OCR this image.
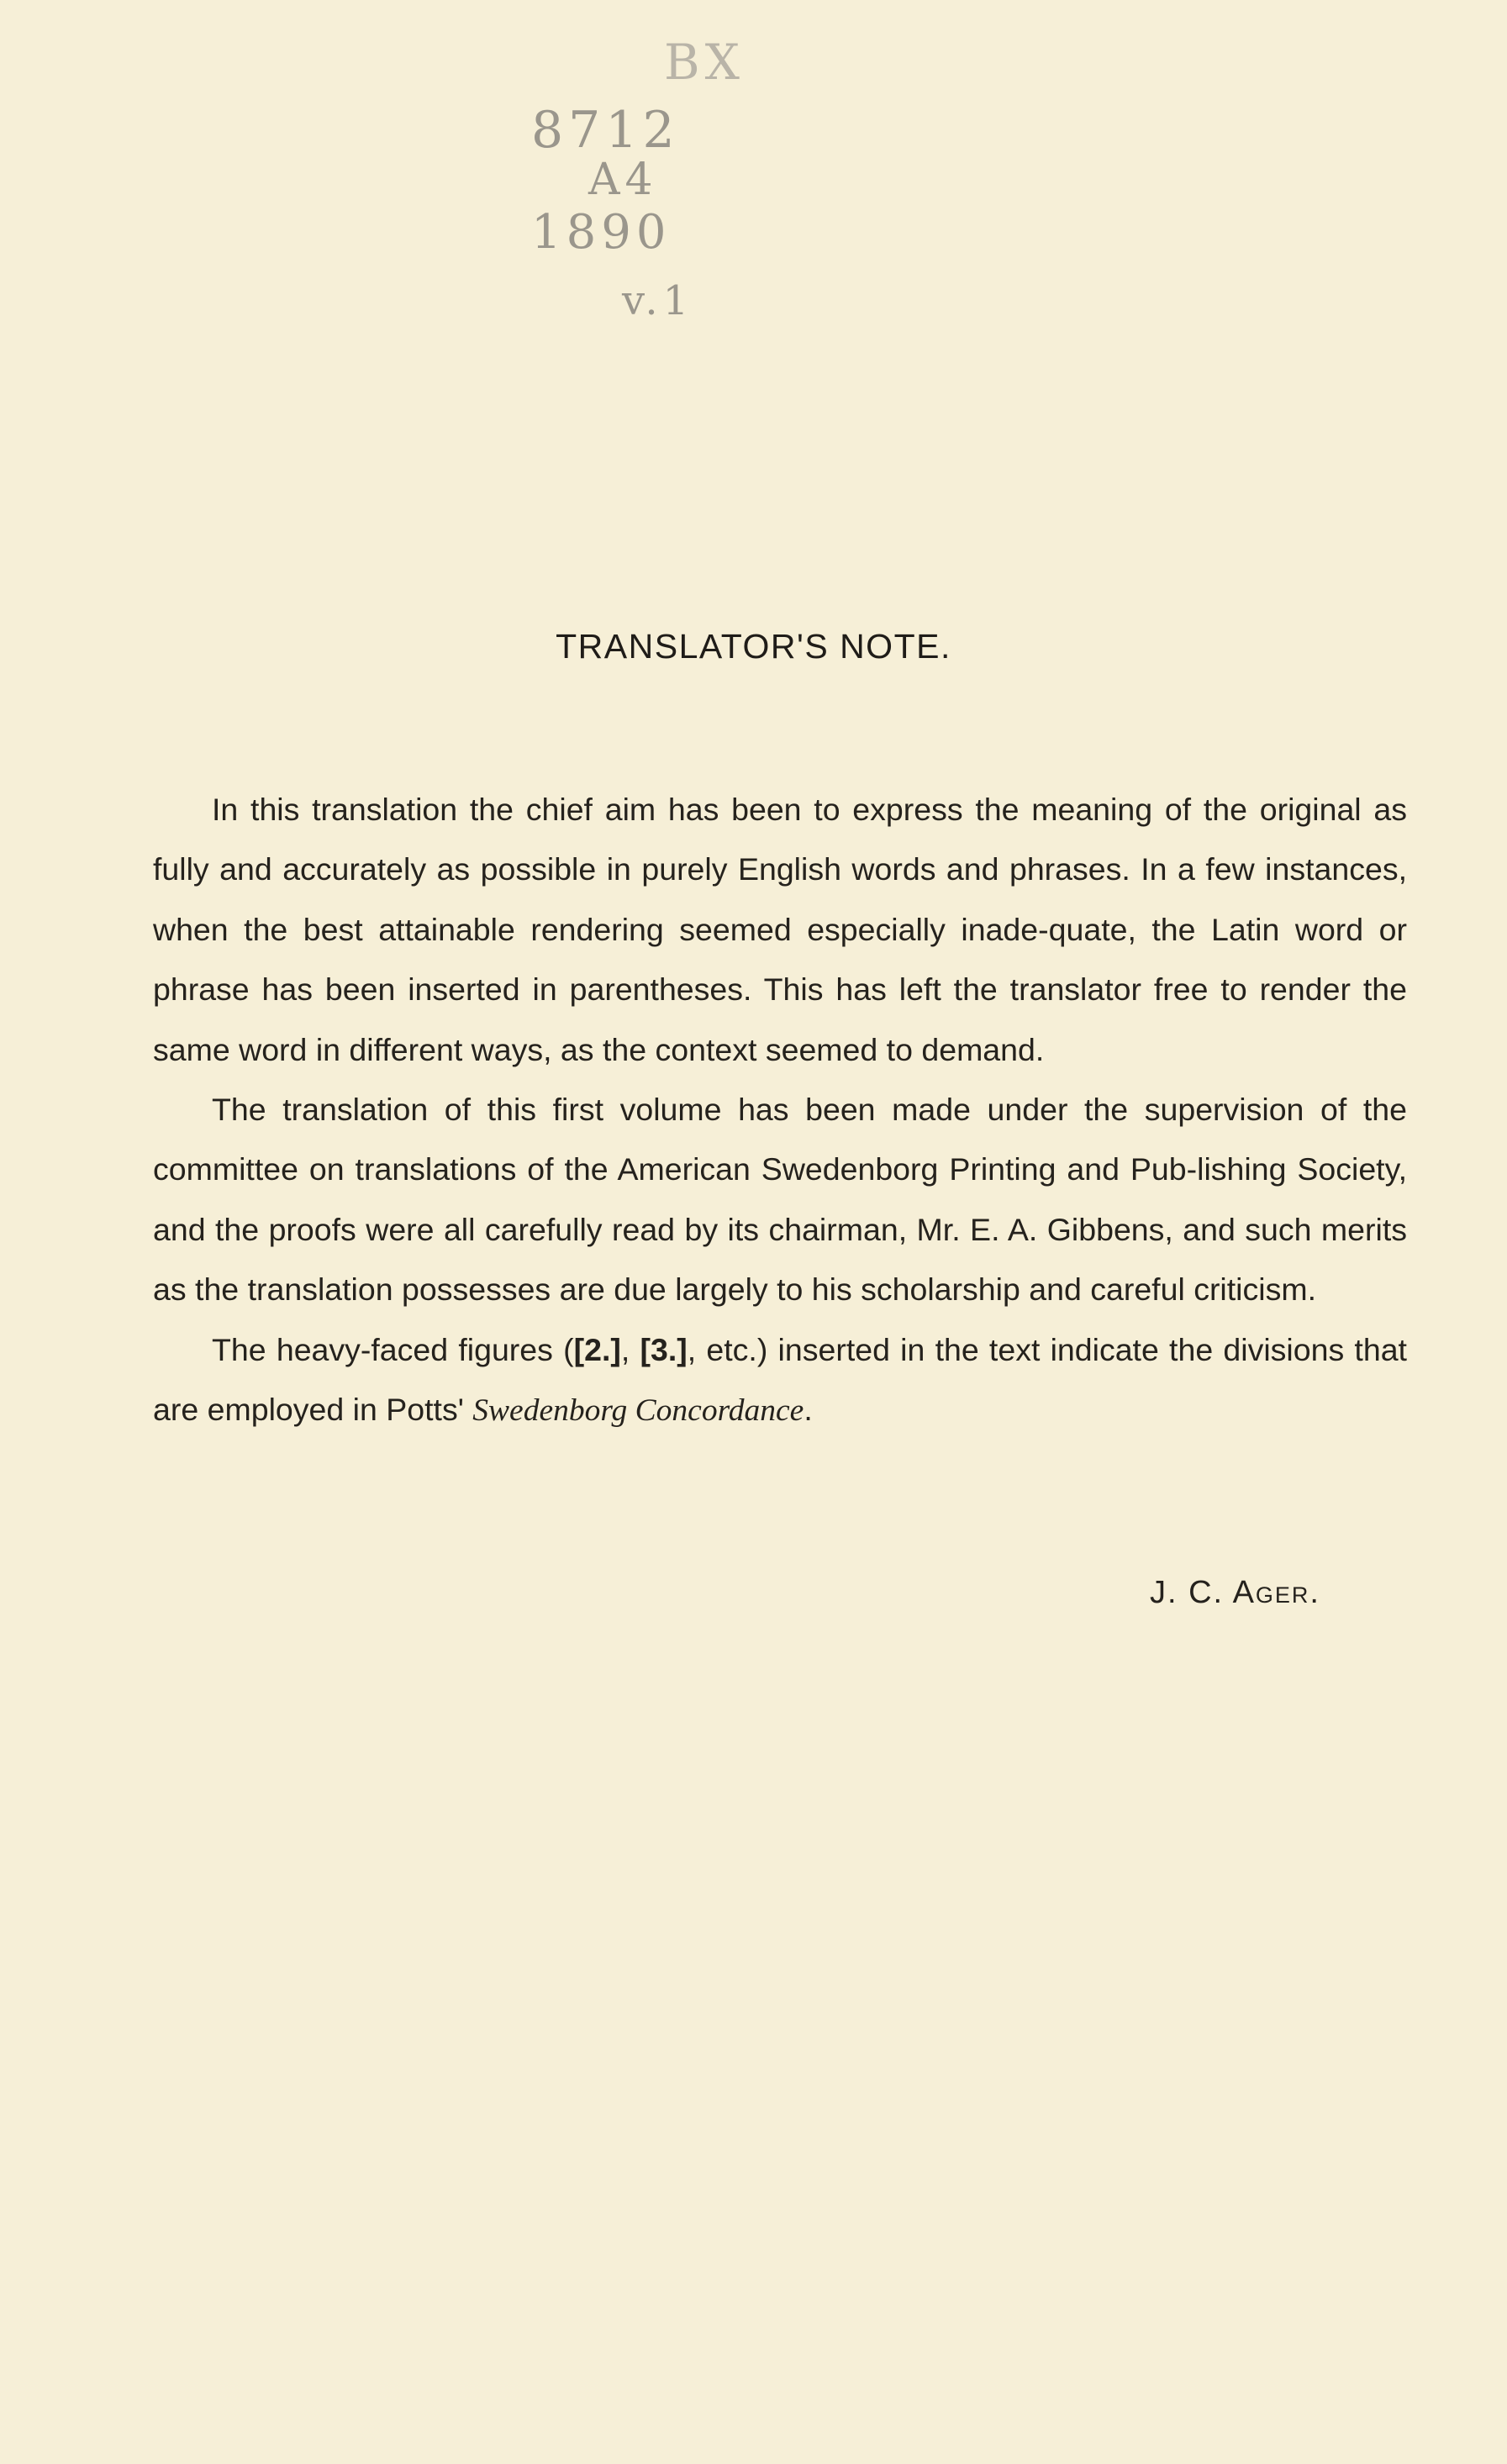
BX
8712
A4
1890
v.1
TRANSLATOR'S NOTE.

In this translation the chief aim has been to express the meaning of the original as fully and accurately as possible in purely English words and phrases. In a few instances, when the best attainable rendering seemed especially inade-quate, the Latin word or phrase has been inserted in parentheses. This has left the translator free to render the same word in different ways, as the context seemed to demand.

The translation of this first volume has been made under the supervision of the committee on translations of the American Swedenborg Printing and Pub-lishing Society, and the proofs were all carefully read by its chairman, Mr. E. A. Gibbens, and such merits as the translation possesses are due largely to his scholarship and careful criticism.

The heavy-faced figures ([2.], [3.], etc.) inserted in the text indicate the divisions that are employed in Potts' Swedenborg Concordance.

J. C. Ager.
